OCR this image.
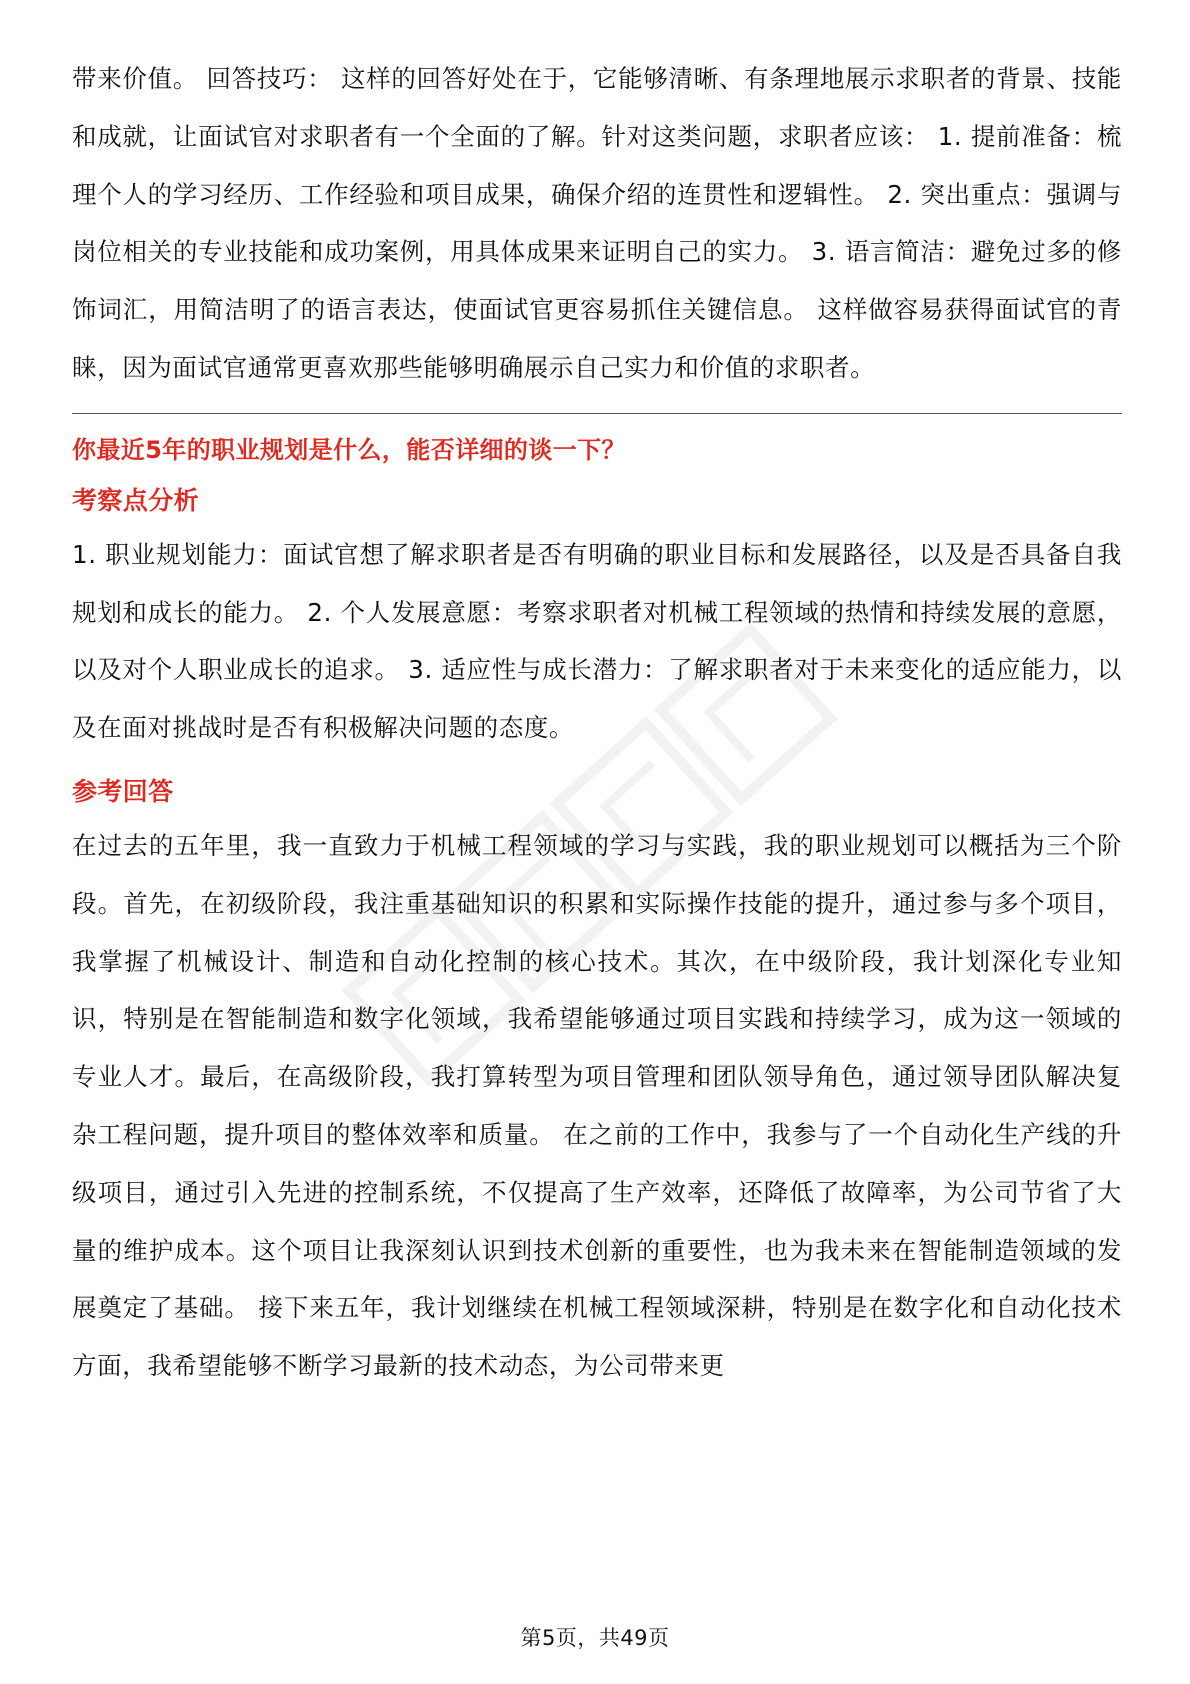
带来价值。 回答技巧： 这样的回答好处在于，它能够清晰、有条理地展示求职者的背景、技能和成就，让面试官对求职者有一个全面的了解。针对这类问题，求职者应该： 1. 提前准备：梳理个人的学习经历、工作经验和项目成果，确保介绍的连贯性和逻辑性。 2. 突出重点：强调与岗位相关的专业技能和成功案例，用具体成果来证明自己的实力。 3. 语言简洁：避免过多的修饰词汇，用简洁明了的语言表达，使面试官更容易抓住关键信息。 这样做容易获得面试官的青睐，因为面试官通常更喜欢那些能够明确展示自己实力和价值的求职者。

你最近5年的职业规划是什么，能否详细的谈一下？

考察点分析

1. 职业规划能力：面试官想了解求职者是否有明确的职业目标和发展路径，以及是否具备自我规划和成长的能力。 2. 个人发展意愿：考察求职者对机械工程领域的热情和持续发展的意愿，以及对个人职业成长的追求。 3. 适应性与成长潜力：了解求职者对于未来变化的适应能力，以及在面对挑战时是否有积极解决问题的态度。

参考回答

在过去的五年里，我一直致力于机械工程领域的学习与实践，我的职业规划可以概括为三个阶段。首先，在初级阶段，我注重基础知识的积累和实际操作技能的提升，通过参与多个项目，我掌握了机械设计、制造和自动化控制的核心技术。其次，在中级阶段，我计划深化专业知识，特别是在智能制造和数字化领域，我希望能够通过项目实践和持续学习，成为这一领域的专业人才。最后，在高级阶段，我打算转型为项目管理和团队领导角色，通过领导团队解决复杂工程问题，提升项目的整体效率和质量。 在之前的工作中，我参与了一个自动化生产线的升级项目，通过引入先进的控制系统，不仅提高了生产效率，还降低了故障率，为公司节省了大量的维护成本。这个项目让我深刻认识到技术创新的重要性，也为我未来在智能制造领域的发展奠定了基础。 接下来五年，我计划继续在机械工程领域深耕，特别是在数字化和自动化技术方面，我希望能够不断学习最新的技术动态，为公司带来更

第5页，共49页
